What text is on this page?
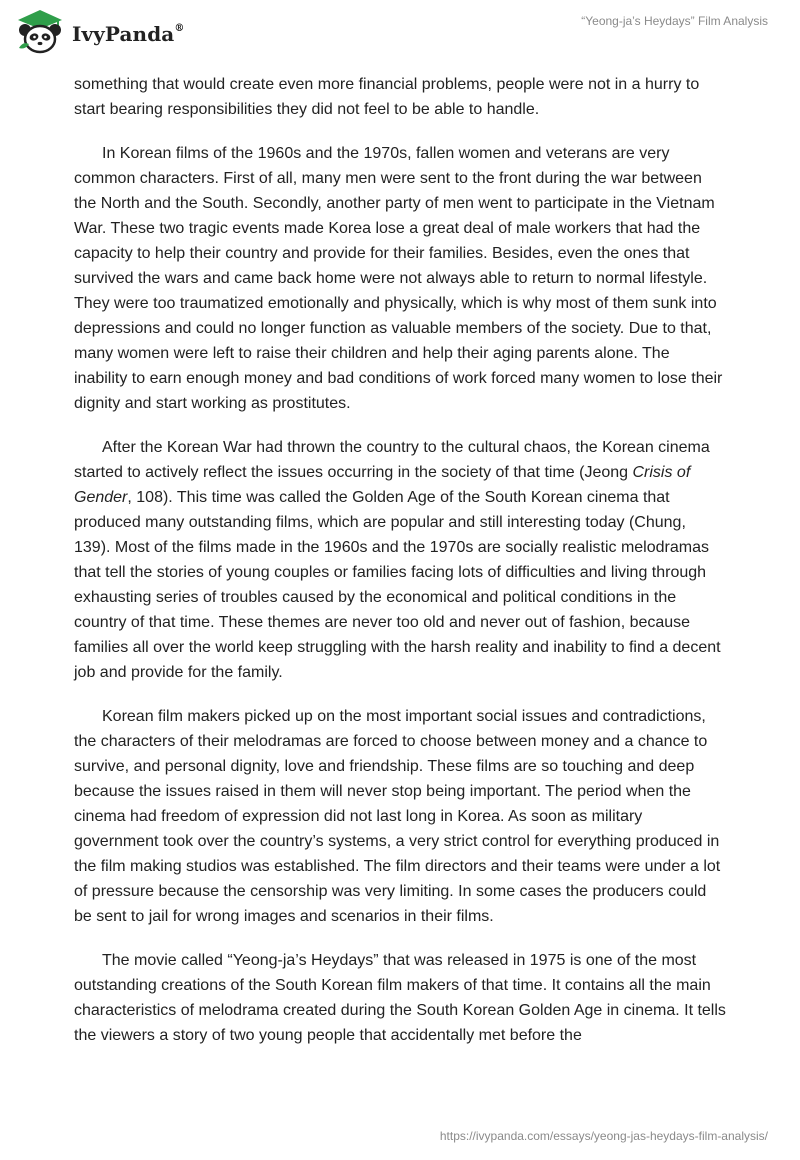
IvyPanda®
“Yeong-ja’s Heydays” Film Analysis

something that would create even more financial problems, people were not in a hurry to start bearing responsibilities they did not feel to be able to handle.

In Korean films of the 1960s and the 1970s, fallen women and veterans are very common characters. First of all, many men were sent to the front during the war between the North and the South. Secondly, another party of men went to participate in the Vietnam War. These two tragic events made Korea lose a great deal of male workers that had the capacity to help their country and provide for their families. Besides, even the ones that survived the wars and came back home were not always able to return to normal lifestyle. They were too traumatized emotionally and physically, which is why most of them sunk into depressions and could no longer function as valuable members of the society. Due to that, many women were left to raise their children and help their aging parents alone. The inability to earn enough money and bad conditions of work forced many women to lose their dignity and start working as prostitutes.

After the Korean War had thrown the country to the cultural chaos, the Korean cinema started to actively reflect the issues occurring in the society of that time (Jeong Crisis of Gender, 108). This time was called the Golden Age of the South Korean cinema that produced many outstanding films, which are popular and still interesting today (Chung, 139). Most of the films made in the 1960s and the 1970s are socially realistic melodramas that tell the stories of young couples or families facing lots of difficulties and living through exhausting series of troubles caused by the economical and political conditions in the country of that time. These themes are never too old and never out of fashion, because families all over the world keep struggling with the harsh reality and inability to find a decent job and provide for the family.

Korean film makers picked up on the most important social issues and contradictions, the characters of their melodramas are forced to choose between money and a chance to survive, and personal dignity, love and friendship. These films are so touching and deep because the issues raised in them will never stop being important. The period when the cinema had freedom of expression did not last long in Korea. As soon as military government took over the country’s systems, a very strict control for everything produced in the film making studios was established. The film directors and their teams were under a lot of pressure because the censorship was very limiting. In some cases the producers could be sent to jail for wrong images and scenarios in their films.

The movie called “Yeong-ja’s Heydays” that was released in 1975 is one of the most outstanding creations of the South Korean film makers of that time. It contains all the main characteristics of melodrama created during the South Korean Golden Age in cinema. It tells the viewers a story of two young people that accidentally met before the

https://ivypanda.com/essays/yeong-jas-heydays-film-analysis/
